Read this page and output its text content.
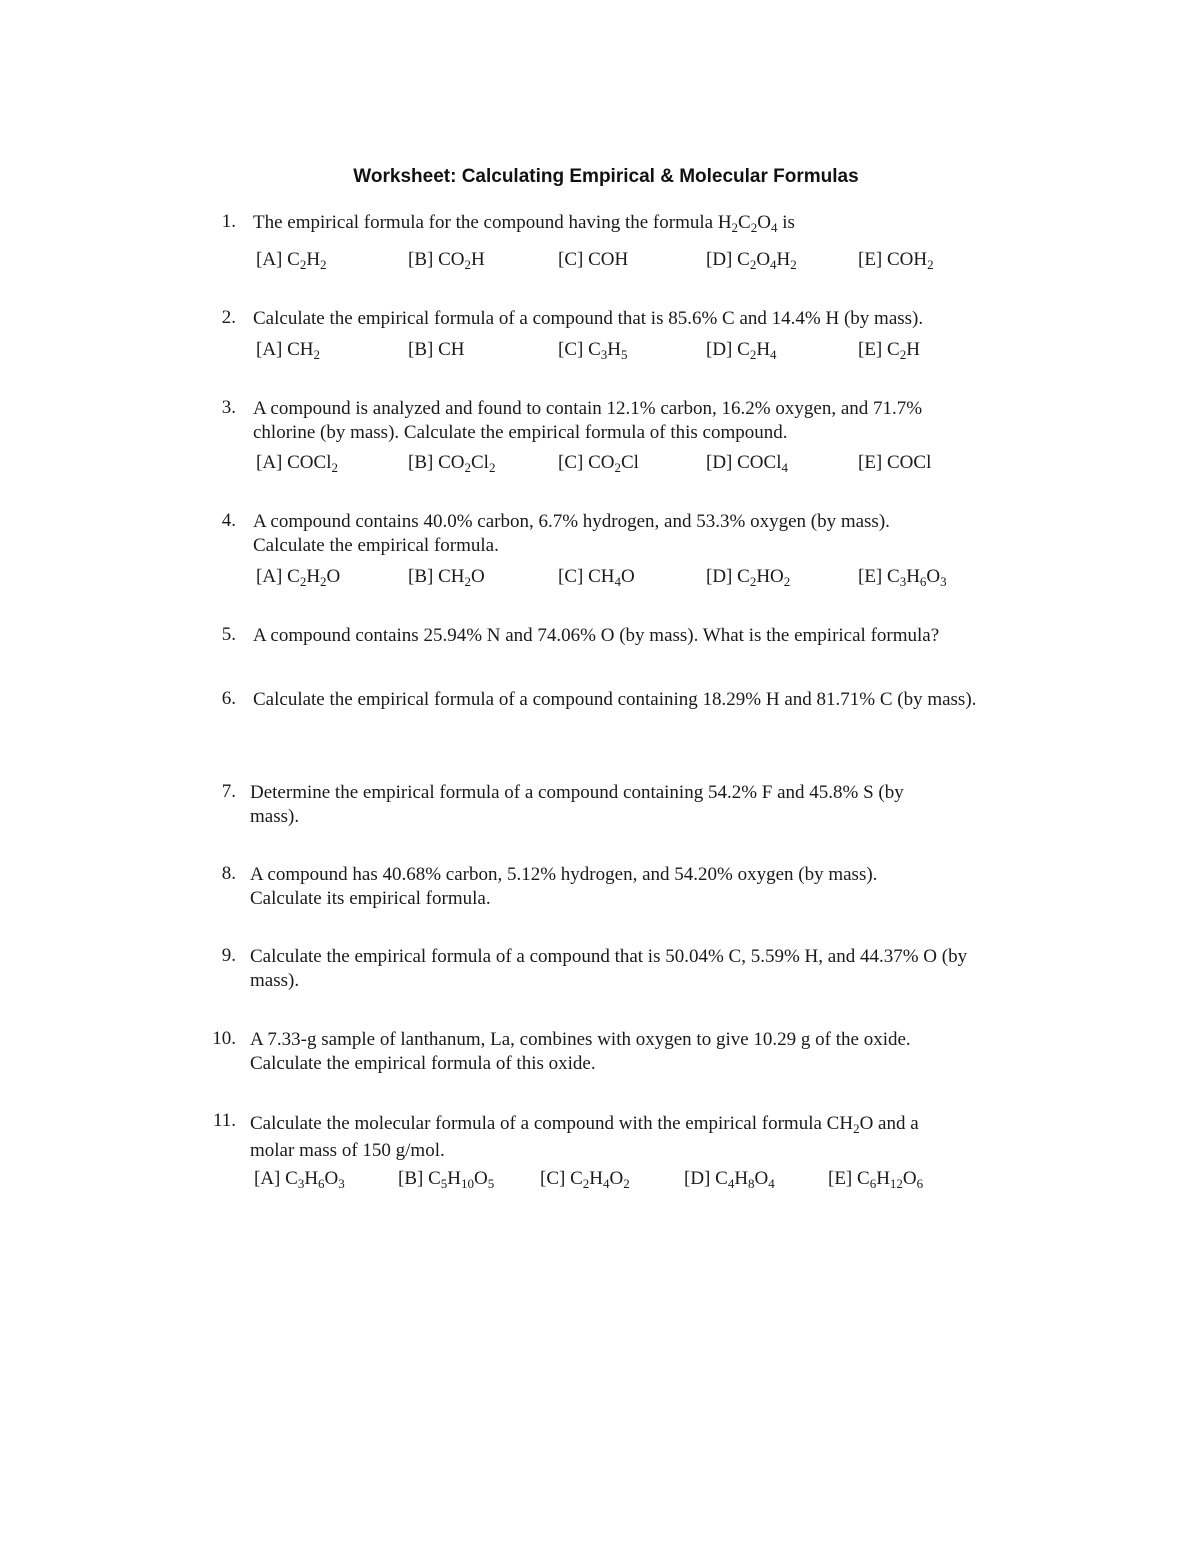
Worksheet: Calculating Empirical & Molecular Formulas
1. The empirical formula for the compound having the formula $H_2C_2O_4$ is
[A] $C_2H_2$	[B] $CO_2H$	[C] COH	[D] $C_2O_4H_2$	[E] $COH_2$
2. Calculate the empirical formula of a compound that is 85.6% C and 14.4% H (by mass).
[A] $CH_2$	[B] CH	[C] $C_3H_5$	[D] $C_2H_4$	[E] $C_2H$
3. A compound is analyzed and found to contain 12.1% carbon, 16.2% oxygen, and 71.7% chlorine (by mass). Calculate the empirical formula of this compound.
[A] COCl$_2$	[B] $CO_2Cl_2$	[C] $CO_2Cl$	[D] COCl$_4$	[E] COCl
4. A compound contains 40.0% carbon, 6.7% hydrogen, and 53.3% oxygen (by mass). Calculate the empirical formula.
[A] $C_2H_2O$	[B] $CH_2O$	[C] $CH_4O$	[D] $C_2HO_2$	[E] $C_3H_6O_3$
5. A compound contains 25.94% N and 74.06% O (by mass). What is the empirical formula?
6. Calculate the empirical formula of a compound containing 18.29% H and 81.71% C (by mass).
7. Determine the empirical formula of a compound containing 54.2% F and 45.8% S (by mass).
8. A compound has 40.68% carbon, 5.12% hydrogen, and 54.20% oxygen (by mass). Calculate its empirical formula.
9. Calculate the empirical formula of a compound that is 50.04% C, 5.59% H, and 44.37% O (by mass).
10. A 7.33-g sample of lanthanum, La, combines with oxygen to give 10.29 g of the oxide. Calculate the empirical formula of this oxide.
11. Calculate the molecular formula of a compound with the empirical formula $CH_2O$ and a molar mass of 150 g/mol.
[A] $C_3H_6O_3$	[B] $C_5H_{10}O_5$ [C] $C_2H_4O_2$	[D] $C_4H_8O_4$	[E] $C_6H_{12}O_6$
